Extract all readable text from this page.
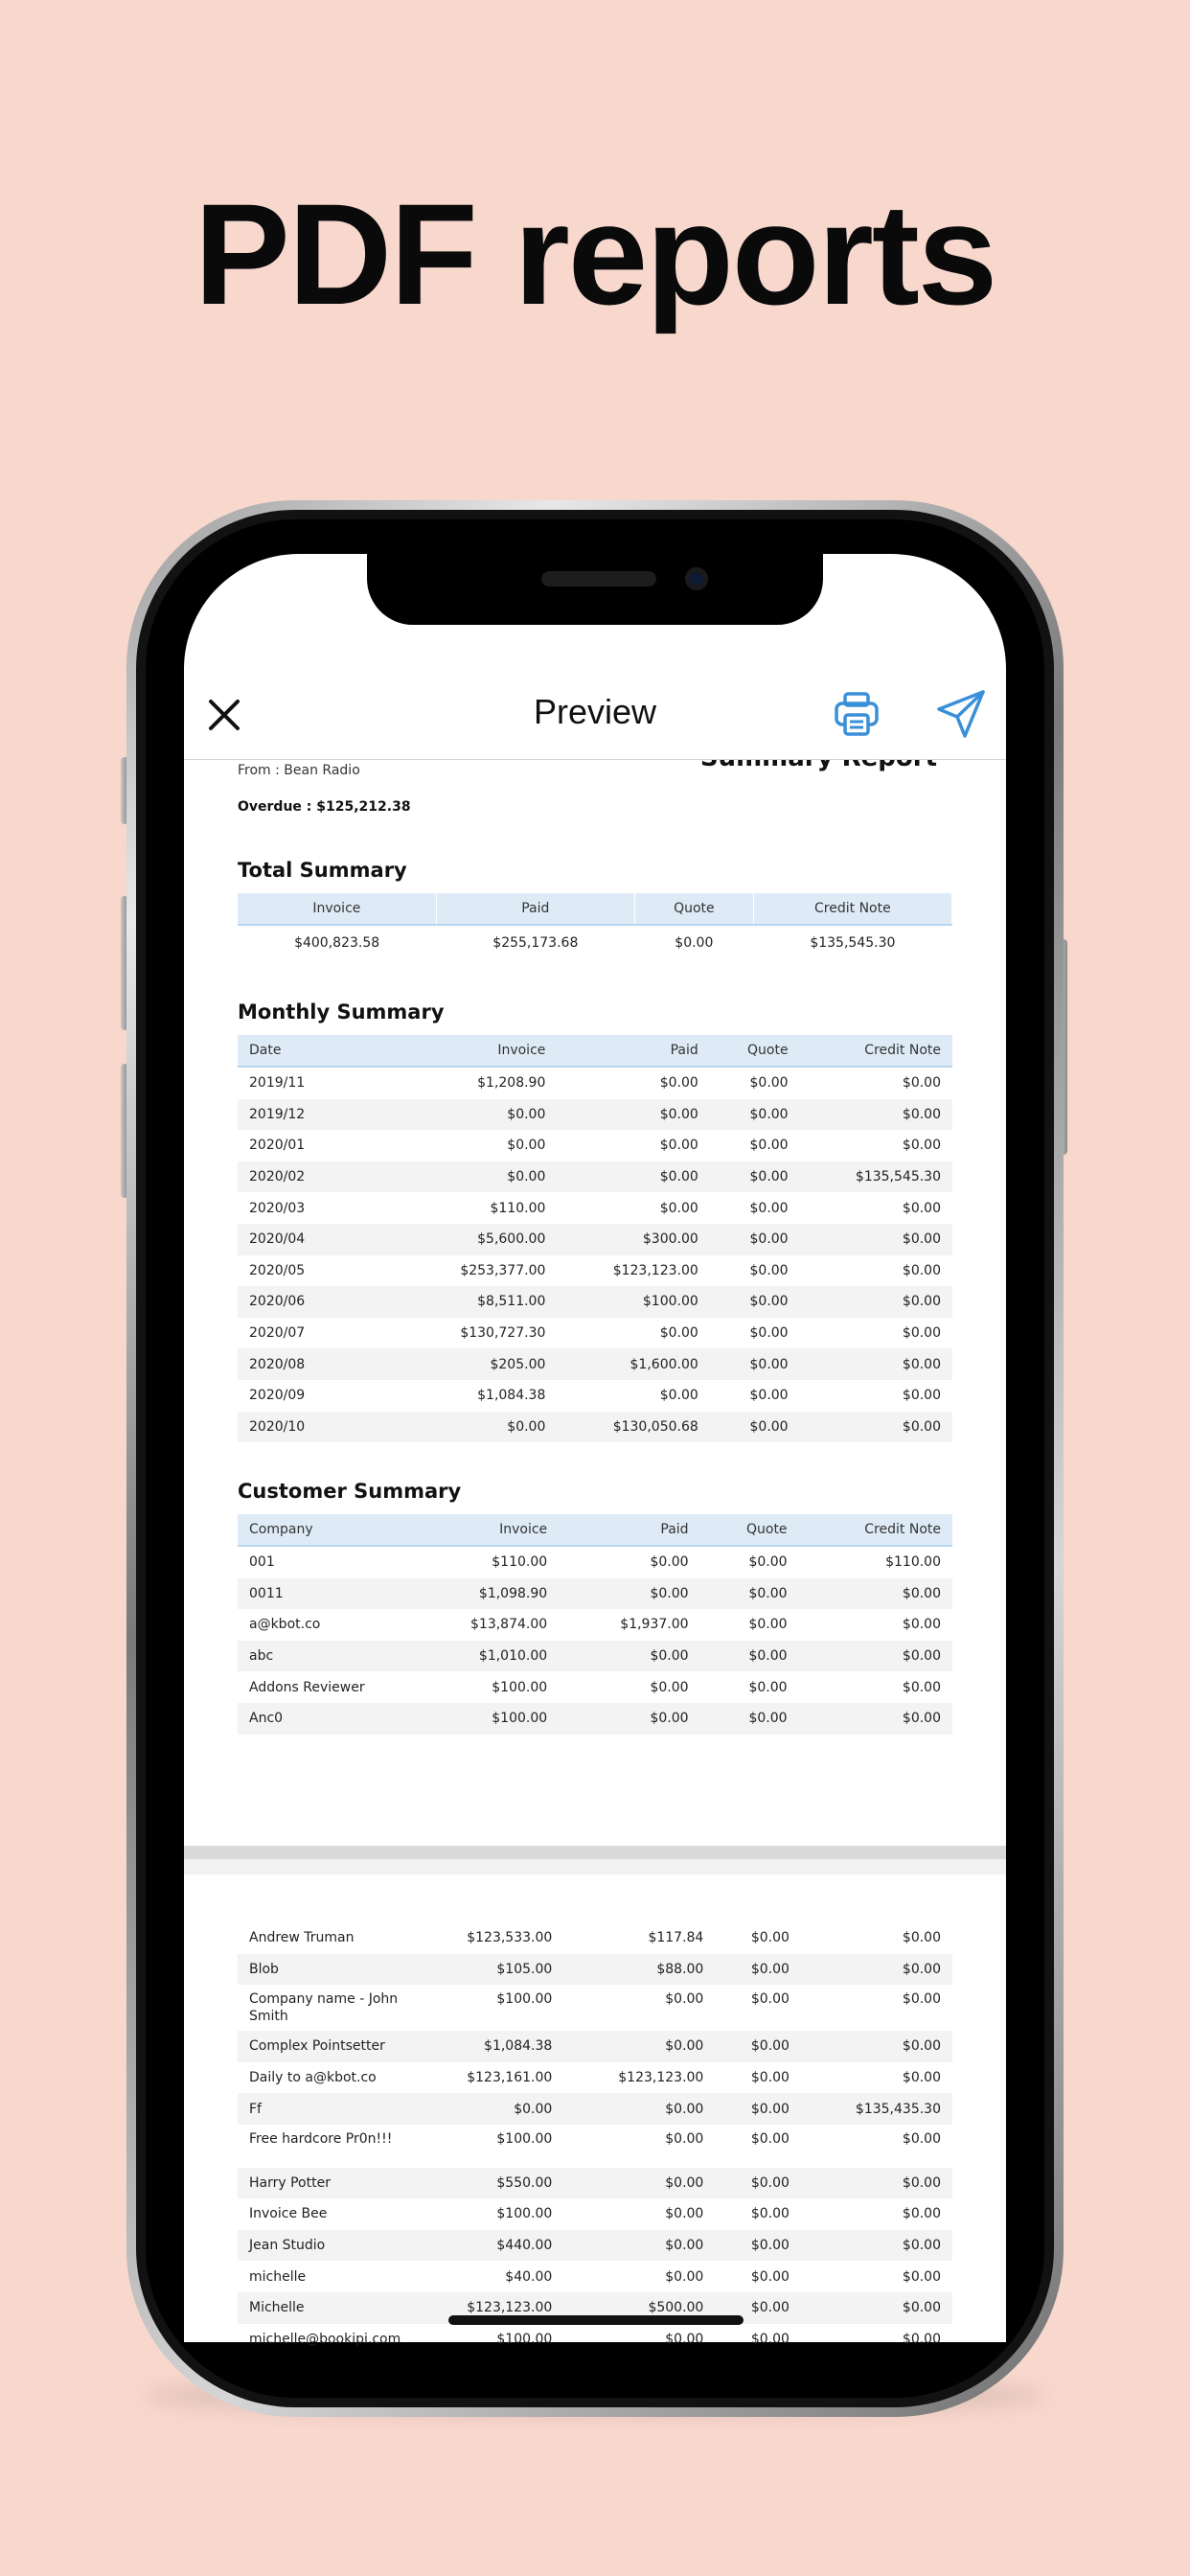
PDF reports
Preview
From : Bean Radio
Overdue : $125,212.38
Total Summary
Invoice	Paid	Quote	Credit Note
$400,823.58	$255,173.68	$0.00	$135,545.30
Monthly Summary
Date	Invoice	Paid	Quote	Credit Note
2019/11	$1,208.90	$0.00	$0.00	$0.00
2019/12	$0.00	$0.00	$0.00	$0.00
2020/01	$0.00	$0.00	$0.00	$0.00
2020/02	$0.00	$0.00	$0.00	$135,545.30
2020/03	$110.00	$0.00	$0.00	$0.00
2020/04	$5,600.00	$300.00	$0.00	$0.00
2020/05	$253,377.00	$123,123.00	$0.00	$0.00
2020/06	$8,511.00	$100.00	$0.00	$0.00
2020/07	$130,727.30	$0.00	$0.00	$0.00
2020/08	$205.00	$1,600.00	$0.00	$0.00
2020/09	$1,084.38	$0.00	$0.00	$0.00
2020/10	$0.00	$130,050.68	$0.00	$0.00
Customer Summary
Company	Invoice	Paid	Quote	Credit Note
001	$110.00	$0.00	$0.00	$110.00
0011	$1,098.90	$0.00	$0.00	$0.00
a@kbot.co	$13,874.00	$1,937.00	$0.00	$0.00
abc	$1,010.00	$0.00	$0.00	$0.00
Addons Reviewer	$100.00	$0.00	$0.00	$0.00
Anc0	$100.00	$0.00	$0.00	$0.00
Andrew Truman	$123,533.00	$117.84	$0.00	$0.00
Blob	$105.00	$88.00	$0.00	$0.00
Company name - John Smith	$100.00	$0.00	$0.00	$0.00
Complex Pointsetter	$1,084.38	$0.00	$0.00	$0.00
Daily to a@kbot.co	$123,161.00	$123,123.00	$0.00	$0.00
Ff	$0.00	$0.00	$0.00	$135,435.30
Free hardcore Pr0n!!!	$100.00	$0.00	$0.00	$0.00
Harry Potter	$550.00	$0.00	$0.00	$0.00
Invoice Bee	$100.00	$0.00	$0.00	$0.00
Jean Studio	$440.00	$0.00	$0.00	$0.00
michelle	$40.00	$0.00	$0.00	$0.00
Michelle	$123,123.00	$500.00	$0.00	$0.00
michelle@bookipi.com	$100.00	$0.00	$0.00	$0.00
